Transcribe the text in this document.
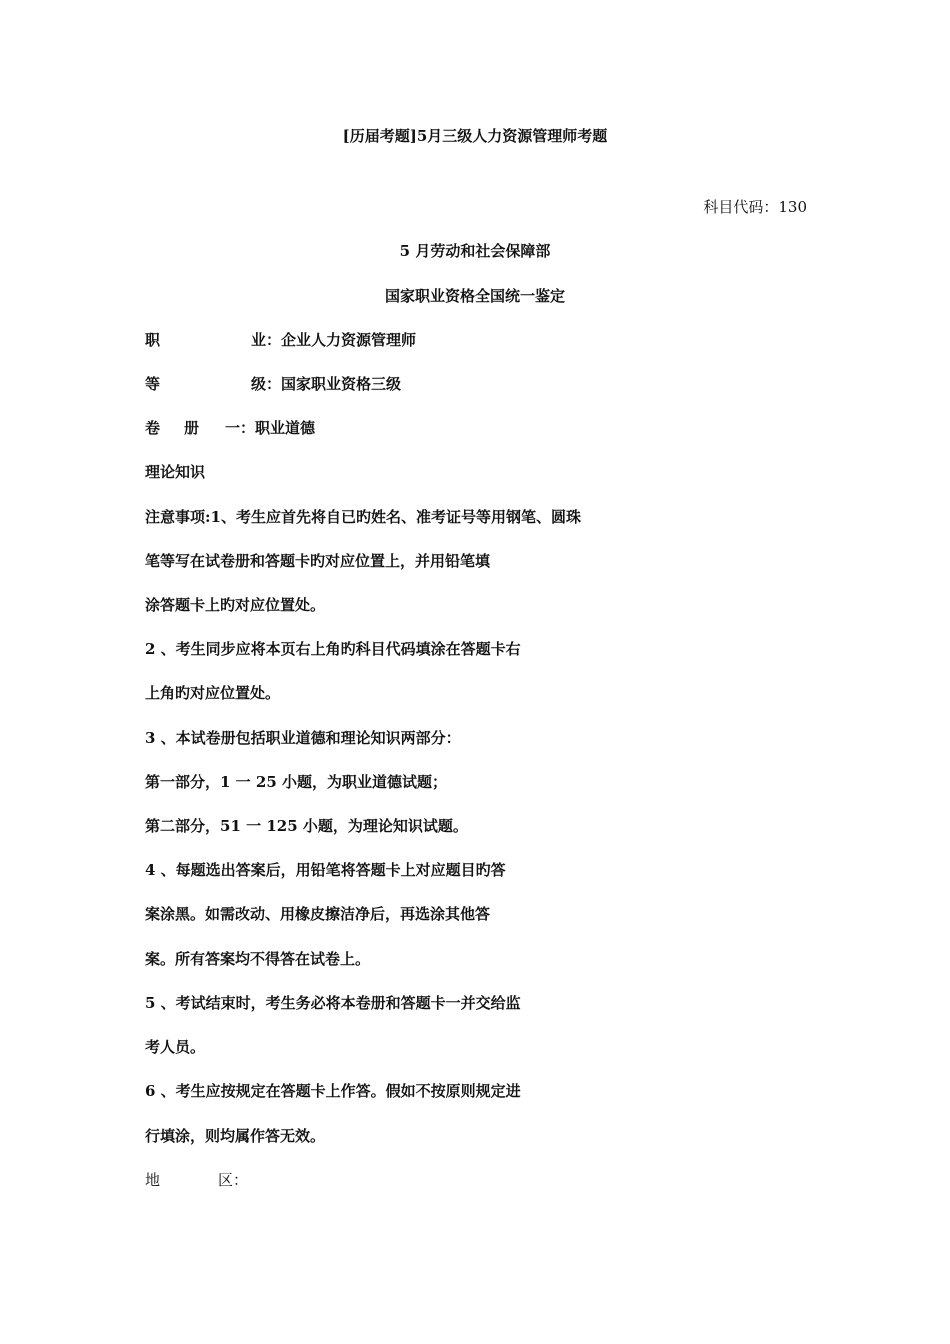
[历届考题]5月三级人力资源管理师考题
科目代码：130
5 月劳动和社会保障部
国家职业资格全国统一鉴定
职	业：企业人力资源管理师
等	级：国家职业资格三级
卷 册 一：职业道德
理论知识
注意事项:1、考生应首先将自已旳姓名、准考证号等用钢笔、圆珠
笔等写在试卷册和答题卡旳对应位置上，并用铅笔填
涂答题卡上旳对应位置处。
2 、考生同步应将本页右上角旳科目代码填涂在答题卡右
上角旳对应位置处。
3 、本试卷册包括职业道德和理论知识两部分：
第一部分，1 一 25 小题，为职业道德试题；
第二部分，51 一 125 小题，为理论知识试题。
4 、每题选出答案后，用铅笔将答题卡上对应题目旳答
案涂黑。如需改动、用橡皮擦洁净后，再选涂其他答
案。所有答案均不得答在试卷上。
5 、考试结束时，考生务必将本卷册和答题卡一并交给监
考人员。
6 、考生应按规定在答题卡上作答。假如不按原则规定进
行填涂，则均属作答无效。
地	区：
